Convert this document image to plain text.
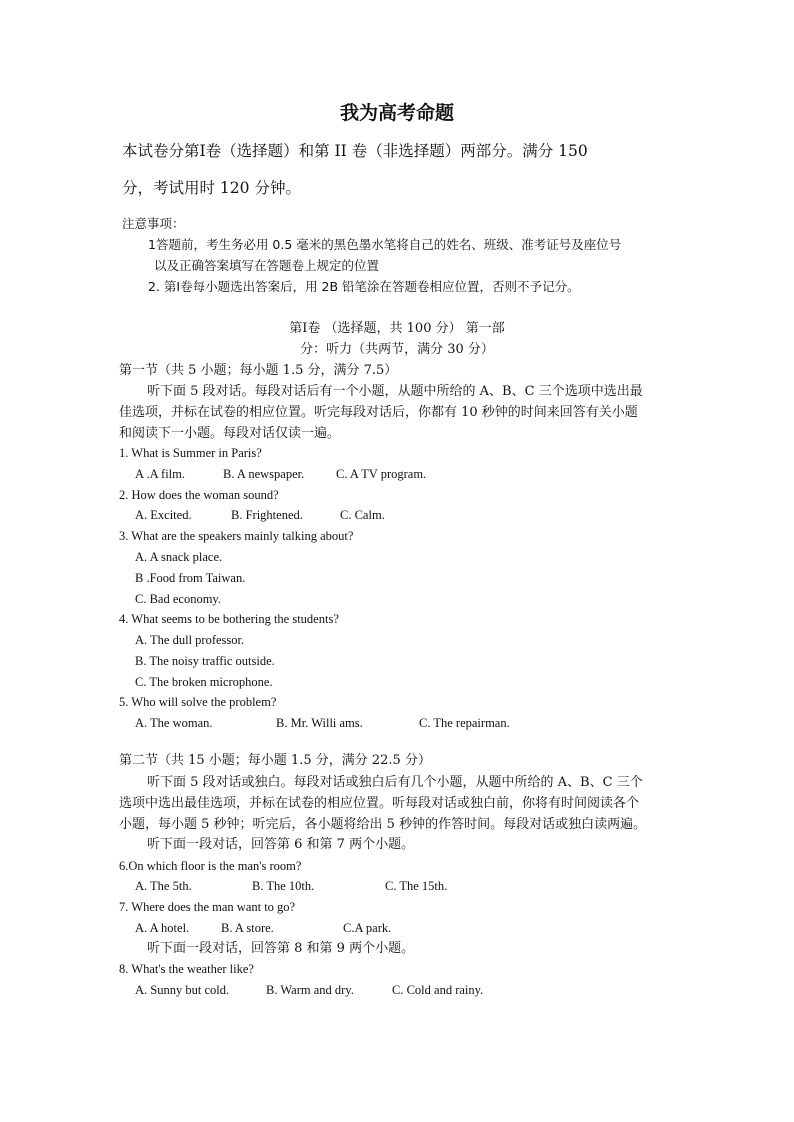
我为高考命题
本试卷分第Ⅰ卷（选择题）和第 II 卷（非选择题）两部分。满分 150
分，考试用时 120 分钟。
注意事项：
1答题前，考生务必用 0.5 毫米的黑色墨水笔将自己的姓名、班级、准考证号及座位号
以及正确答案填写在答题卷上规定的位置
2. 第Ⅰ卷每小题选出答案后，用 2B 铅笔涂在答题卷相应位置，否则不予记分。
第Ⅰ卷 （选择题，共 100 分） 第一部
分：听力（共两节，满分 30 分）
第一节（共 5 小题；每小题 1.5 分，满分 7.5）
听下面 5 段对话。每段对话后有一个小题，从题中所给的 A、B、C 三个选项中选出最
佳选项，并标在试卷的相应位置。听完每段对话后，你都有 10 秒钟的时间来回答有关小题
和阅读下一小题。每段对话仅读一遍。
1. What is Summer in Paris?
A .A film.	B. A newspaper.	C. A TV program.
2. How does the woman sound?
A. Excited.	B. Frightened.	C. Calm.
3. What are the speakers mainly talking about?
A. A snack place.
B .Food from Taiwan.
C. Bad economy.
4. What seems to be bothering the students?
A. The dull professor.
B. The noisy traffic outside.
C. The broken microphone.
5. Who will solve the problem?
A. The woman.	B. Mr. Willi ams.	C. The repairman.
第二节（共 15 小题；每小题 1.5 分，满分 22.5 分）
听下面 5 段对话或独白。每段对话或独白后有几个小题，从题中所给的 A、B、C 三个
选项中选出最佳选项，并标在试卷的相应位置。听每段对话或独白前，你将有时间阅读各个
小题，每小题 5 秒钟；听完后，各小题将给出 5 秒钟的作答时间。每段对话或独白读两遍。
听下面一段对话，回答第 6 和第 7 两个小题。
6.On which floor is the man's room?
A. The 5th.	B. The 10th.	C. The 15th.
7. Where does the man want to go?
A. A hotel.	B. A store.	C.A park.
听下面一段对话，回答第 8 和第 9 两个小题。
8. What's the weather like?
A. Sunny but cold.	B. Warm and dry.	C. Cold and rainy.
